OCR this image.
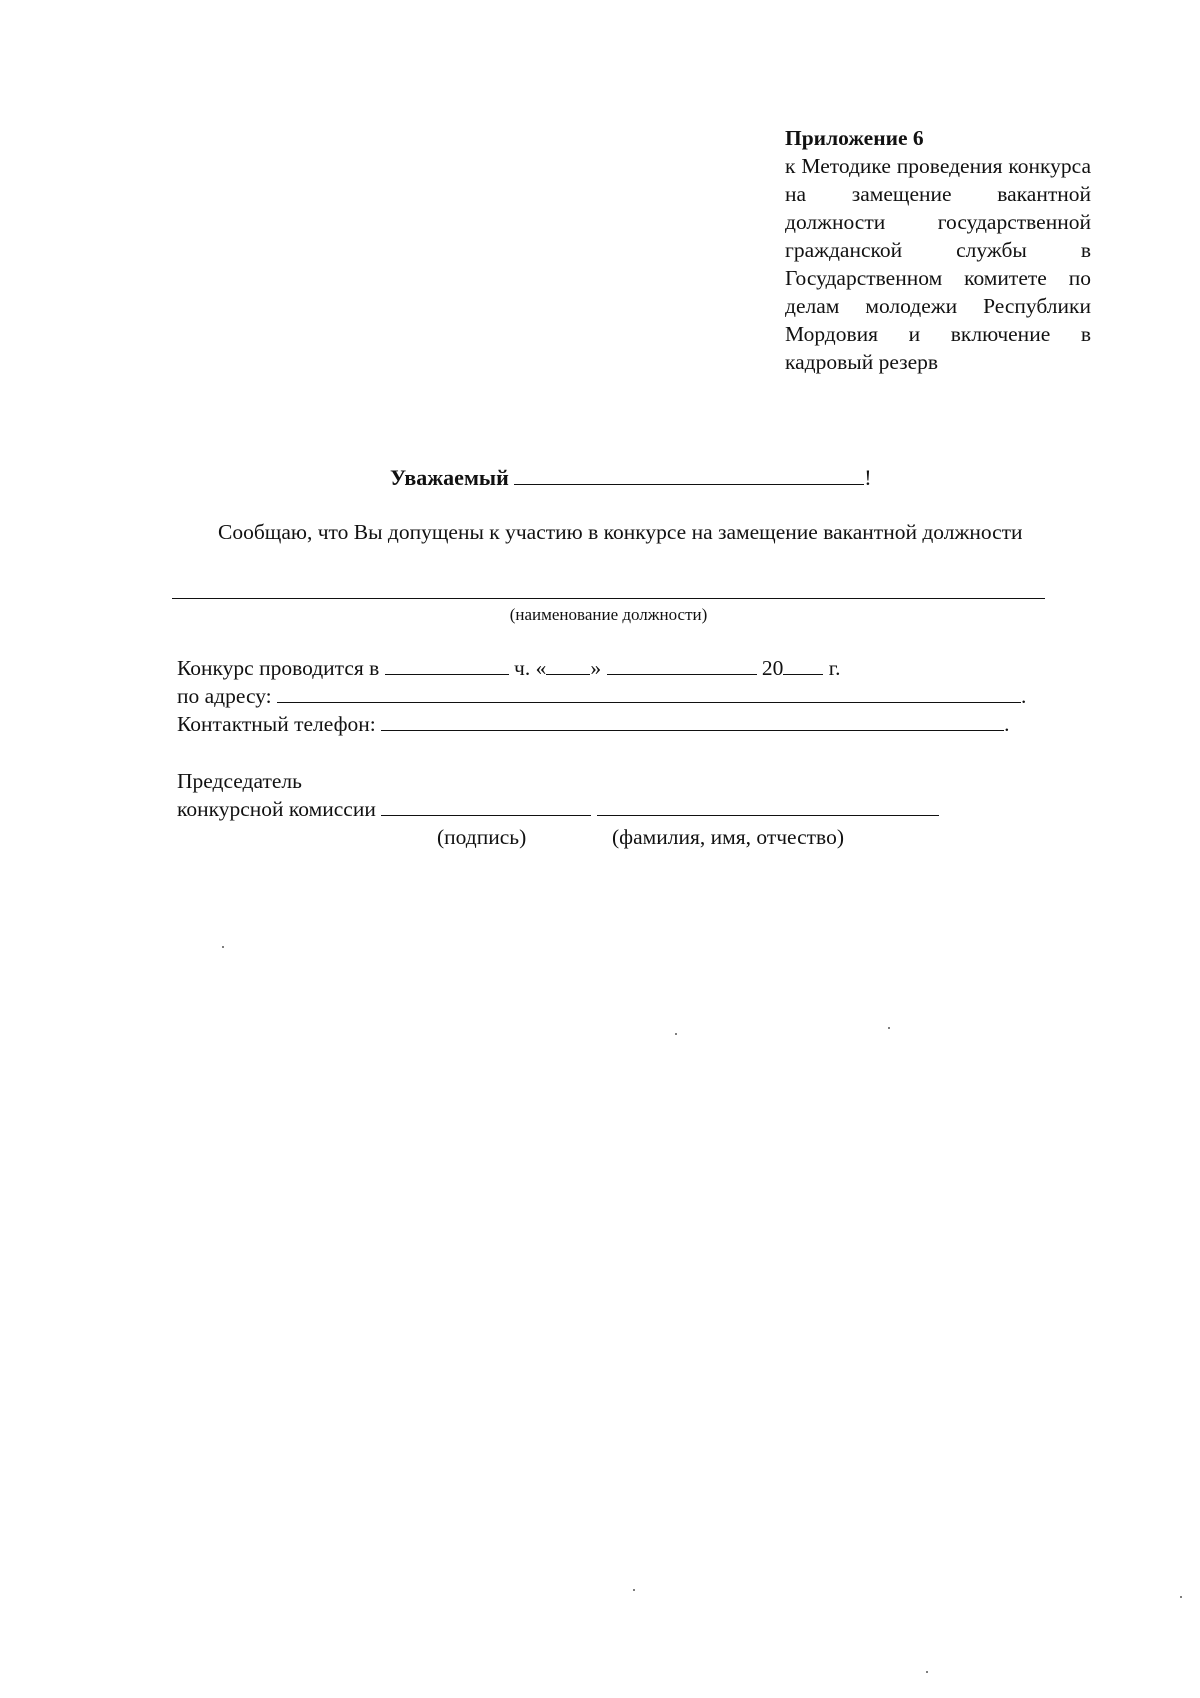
Приложение 6
к Методике проведения конкурса на замещение вакантной должности государственной гражданской службы в Государственном комитете по делам молодежи Республики Мордовия и включение в кадровый резерв
Уважаемый	!
Сообщаю, что Вы допущены к участию в конкурсе на замещение вакантной должности
(наименование должности)
Конкурс проводится в	ч. « »	20 г.
по адресу:	.
Контактный телефон:	.
Председатель
конкурсной комиссии
(подпись)	(фамилия, имя, отчество)
